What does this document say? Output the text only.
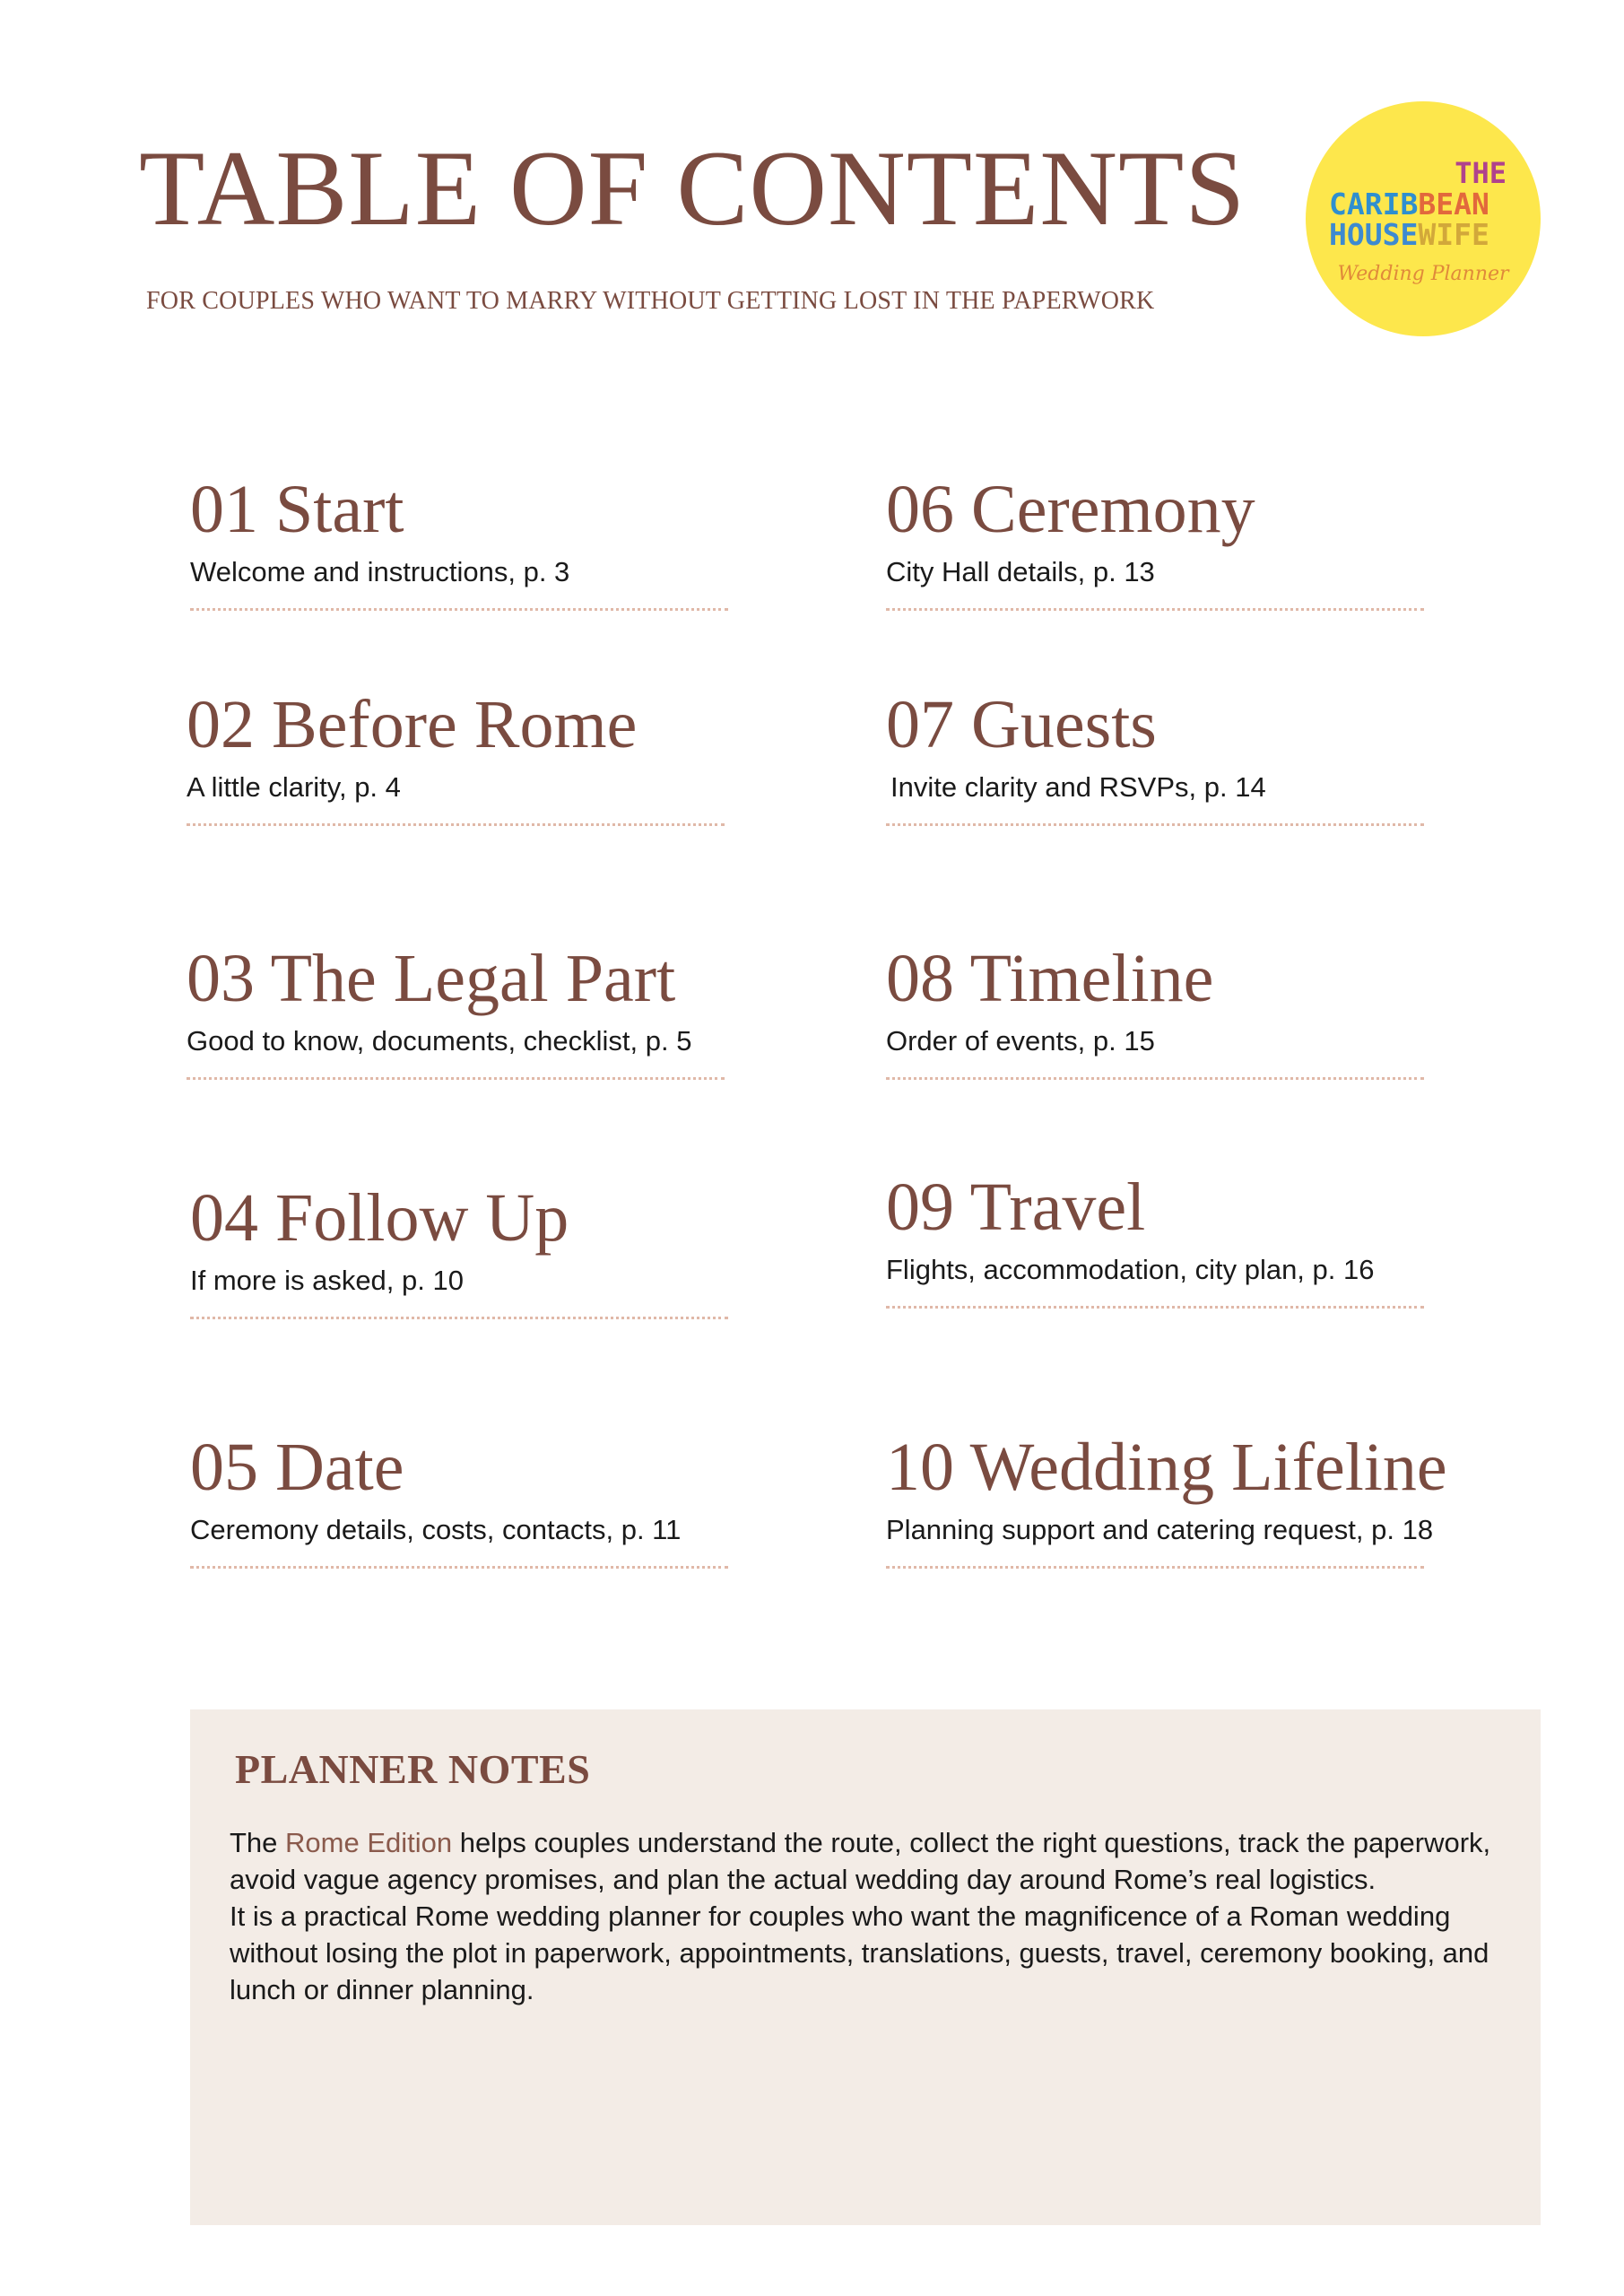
TABLE OF CONTENTS
FOR COUPLES WHO WANT TO MARRY WITHOUT GETTING LOST IN THE PAPERWORK
THE
CARIBBEAN
HOUSEWIFE
Wedding Planner
01 Start
Welcome and instructions, p. 3
02 Before Rome
A little clarity, p. 4
03 The Legal Part
Good to know, documents, checklist, p. 5
04 Follow Up
If more is asked, p. 10
05 Date
Ceremony details, costs, contacts, p. 11
06 Ceremony
City Hall details, p. 13
07 Guests
Invite clarity and RSVPs, p. 14
08 Timeline
Order of events, p. 15
09 Travel
Flights, accommodation, city plan, p. 16
10 Wedding Lifeline
Planning support and catering request, p. 18
PLANNER NOTES

The Rome Edition helps couples understand the route, collect the right questions, track the paperwork, avoid vague agency promises, and plan the actual wedding day around Rome’s real logistics.

It is a practical Rome wedding planner for couples who want the magnificence of a Roman wedding without losing the plot in paperwork, appointments, translations, guests, travel, ceremony booking, and lunch or dinner planning.
